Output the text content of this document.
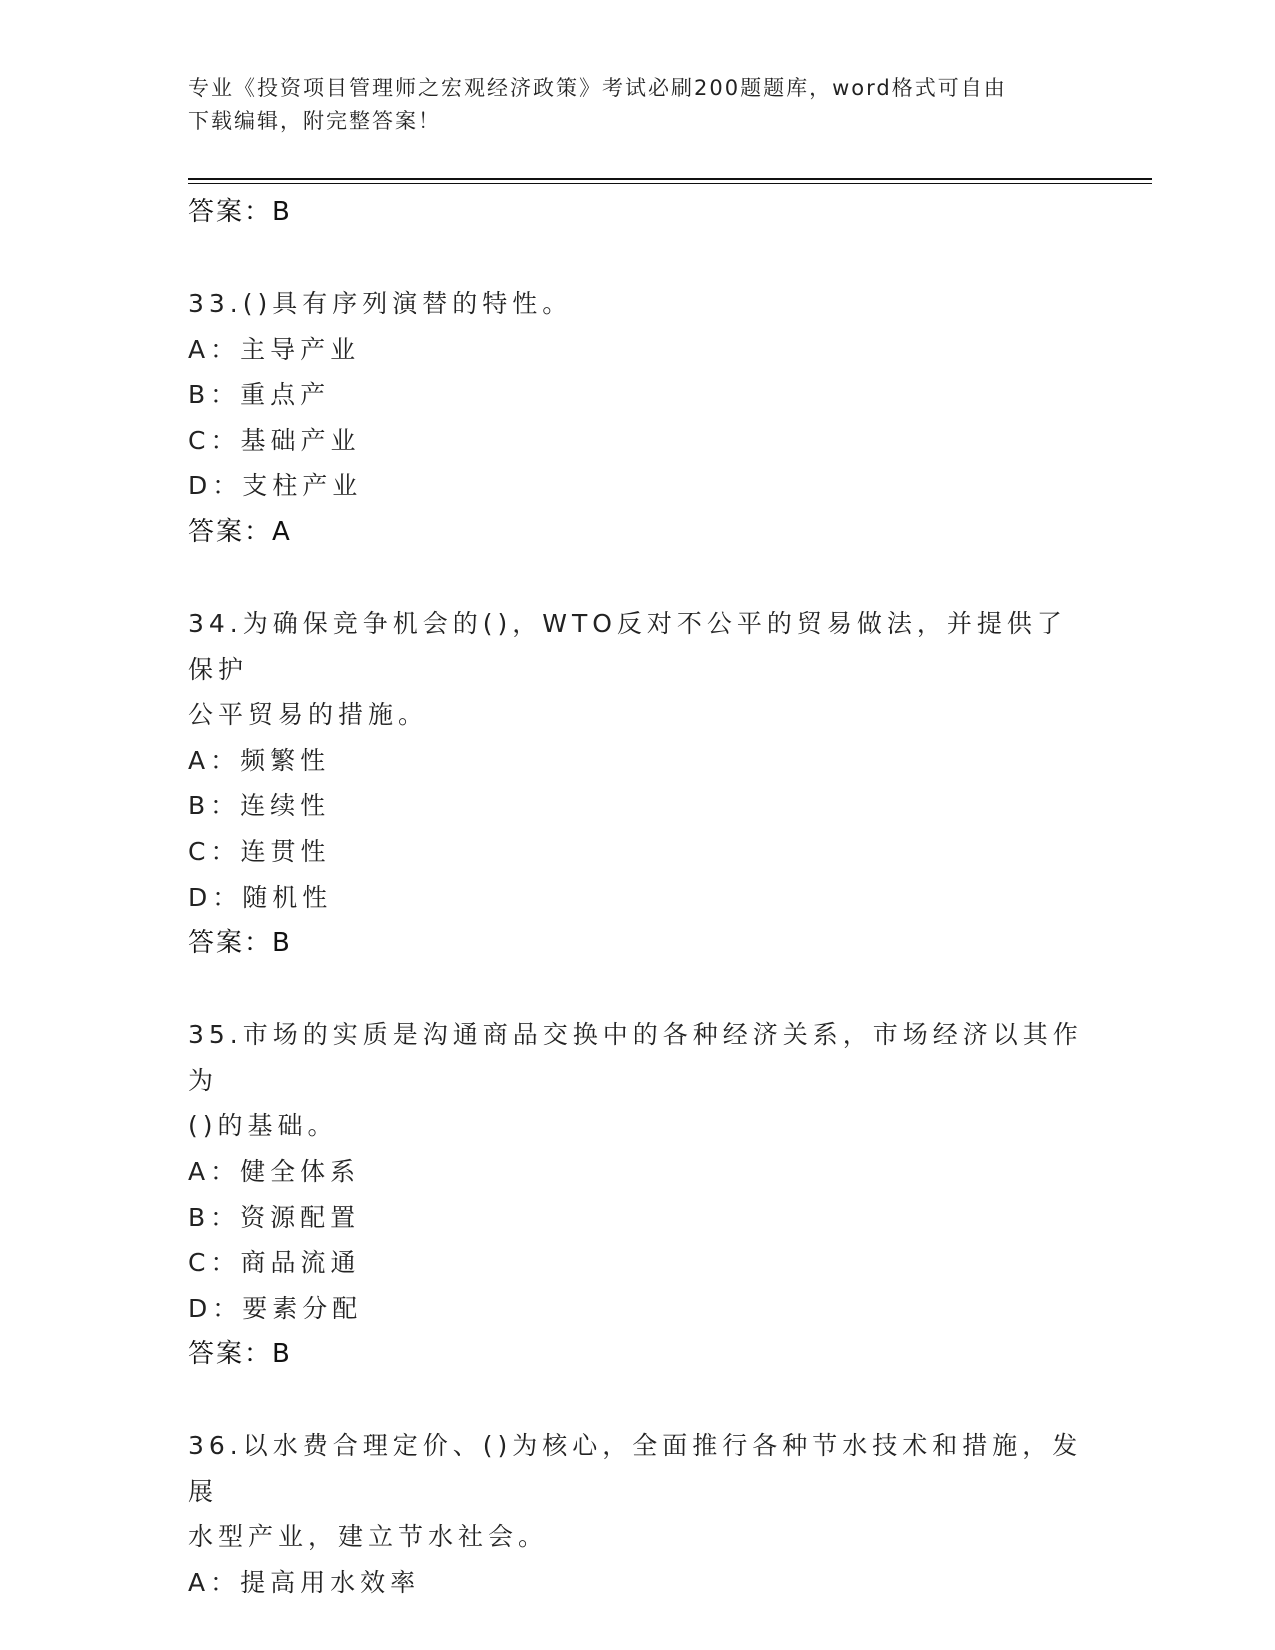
专业《投资项目管理师之宏观经济政策》考试必刷200题题库，word格式可自由
下载编辑，附完整答案！
答案：B
33.()具有序列演替的特性。
A：主导产业
B：重点产
C：基础产业
D：支柱产业
答案：A
34.为确保竞争机会的()，WTO反对不公平的贸易做法，并提供了保护
公平贸易的措施。
A：频繁性
B：连续性
C：连贯性
D：随机性
答案：B
35.市场的实质是沟通商品交换中的各种经济关系，市场经济以其作为
()的基础。
A：健全体系
B：资源配置
C：商品流通
D：要素分配
答案：B
36.以水费合理定价、()为核心，全面推行各种节水技术和措施，发展
水型产业，建立节水社会。
A：提高用水效率
